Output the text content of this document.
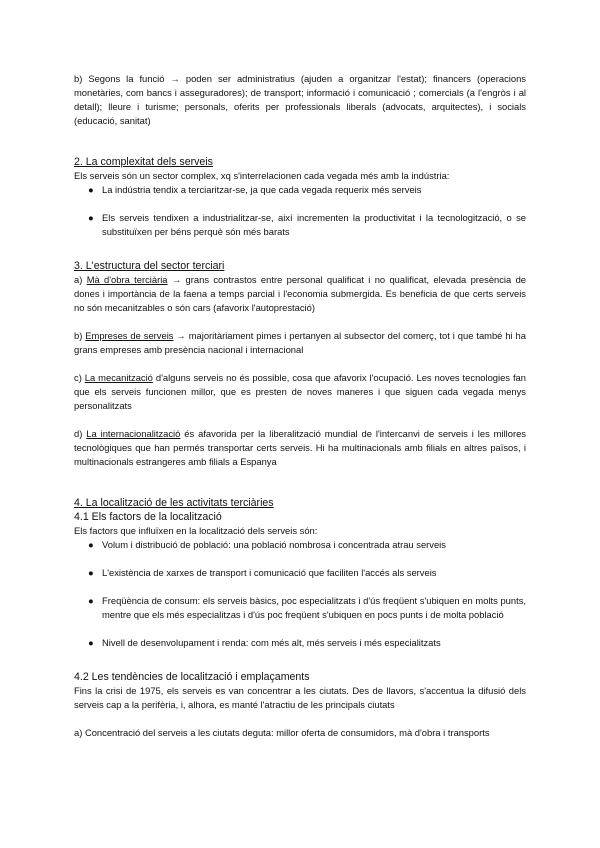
b) Segons la funció → poden ser administratius (ajuden a organitzar l'estat); financers (operacions monetàries, com bancs i asseguradores); de transport; informació i comunicació ; comercials (a l'engròs i al detall); lleure i turisme; personals, oferits per professionals liberals (advocats, arquitectes), i socials (educació, sanitat)

2. La complexitat dels serveis

Els serveis són un sector complex, xq s'interrelacionen cada vegada més amb la indústria:

● La indústria tendix a terciaritzar-se, ja que cada vegada requerix més serveis
● Els serveis tendixen a industrialitzar-se, així incrementen la productivitat i la tecnologització, o se substituïxen per béns perquè són més barats
3. L'estructura del sector terciari

a) Mà d'obra terciària → grans contrastos entre personal qualificat i no qualificat, elevada presència de dones i importància de la faena a temps parcial i l'economia submergida. Es beneficia de que certs serveis no són mecanitzables o són cars (afavorix l'autoprestació)

b) Empreses de serveis → majoritàriament pimes i pertanyen al subsector del comerç, tot i que també hi ha grans empreses amb presència nacional i internacional

c) La mecanització d'alguns serveis no és possible, cosa que afavorix l'ocupació. Les noves tecnologies fan que els serveis funcionen millor, que es presten de noves maneres i que siguen cada vegada menys personalitzats

d) La internacionalització és afavorida per la liberalització mundial de l'intercanvi de serveis i les millores tecnològiques que han permés transportar certs serveis. Hi ha multinacionals amb filials en altres països, i multinacionals estrangeres amb filials a Espanya

4. La localització de les activitats terciàries
4.1 Els factors de la localització

Els factors que influïxen en la localització dels serveis són:

● Volum i distribució de població: una població nombrosa i concentrada atrau serveis
● L'existència de xarxes de transport i comunicació que faciliten l'accés als serveis
● Freqüència de consum: els serveis bàsics, poc especialitzats i d'ús freqüent s'ubiquen en molts punts, mentre que els més especialitzas i d'ús poc freqüent s'ubiquen en pocs punts i de molta població
● Nivell de desenvolupament i renda: com més alt, més serveis i més especialitzats
4.2 Les tendències de localització i emplaçaments

Fins la crisi de 1975, els serveis es van concentrar a les ciutats. Des de llavors, s'accentua la difusió dels serveis cap a la perifèria, i, alhora, es manté l'atractiu de les principals ciutats

a) Concentració del serveis a les ciutats deguta: millor oferta de consumidors, mà d'obra i transports
